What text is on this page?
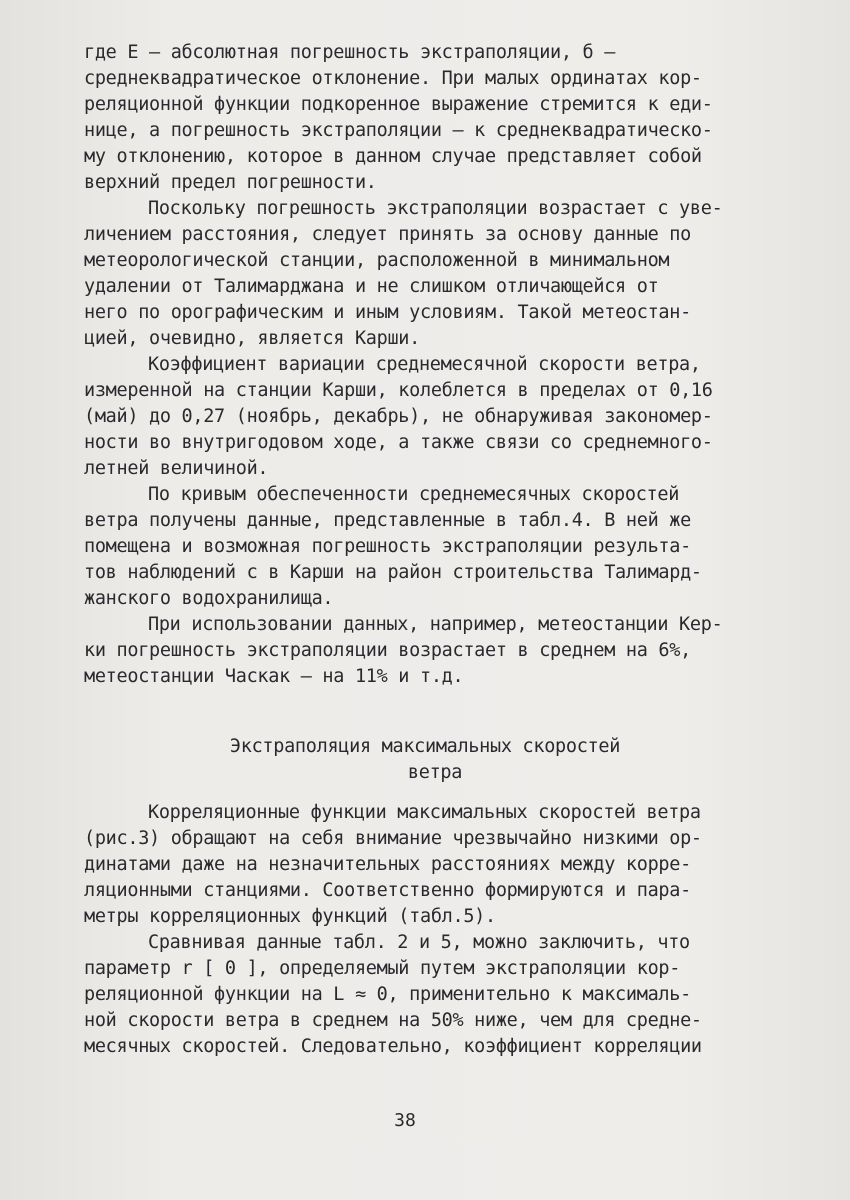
где E – абсолютная погрешность экстраполяции, б –
среднеквадратическое отклонение. При малых ординатах кор-
реляционной функции подкоренное выражение стремится к еди-
нице, а погрешность экстраполяции – к среднеквадратическо-
му отклонению, которое в данном случае представляет собой
верхний предел погрешности.
Поскольку погрешность экстраполяции возрастает с уве-
личением расстояния, следует принять за основу данные по
метеорологической станции, расположенной в минимальном
удалении от Талимарджана и не слишком отличающейся от
него по орографическим и иным условиям. Такой метеостан-
цией, очевидно, является Карши.
Коэффициент вариации среднемесячной скорости ветра,
измеренной на станции Карши, колеблется в пределах от 0,16
(май) до 0,27 (ноябрь, декабрь), не обнаруживая закономер-
ности во внутригодовом ходе, а также связи со среднемного-
летней величиной.
По кривым обеспеченности среднемесячных скоростей
ветра получены данные, представленные в табл.4. В ней же
помещена и возможная погрешность экстраполяции результа-
тов наблюдений с в Карши на район строительства Талимард-
жанского водохранилища.
При использовании данных, например, метеостанции Кер-
ки погрешность экстраполяции возрастает в среднем на 6%,
метеостанции Часкак – на 11% и т.д.
Экстраполяция максимальных скоростей
ветра
Корреляционные функции максимальных скоростей ветра
(рис.3) обращают на себя внимание чрезвычайно низкими ор-
динатами даже на незначительных расстояниях между корре-
ляционными станциями. Соответственно формируются и пара-
метры корреляционных функций (табл.5).
Сравнивая данные табл. 2 и 5, можно заключить, что
параметр r [ 0 ], определяемый путем экстраполяции кор-
реляционной функции на L ≈ 0, применительно к максималь-
ной скорости ветра в среднем на 50% ниже, чем для средне-
месячных скоростей. Следовательно, коэффициент корреляции
38
